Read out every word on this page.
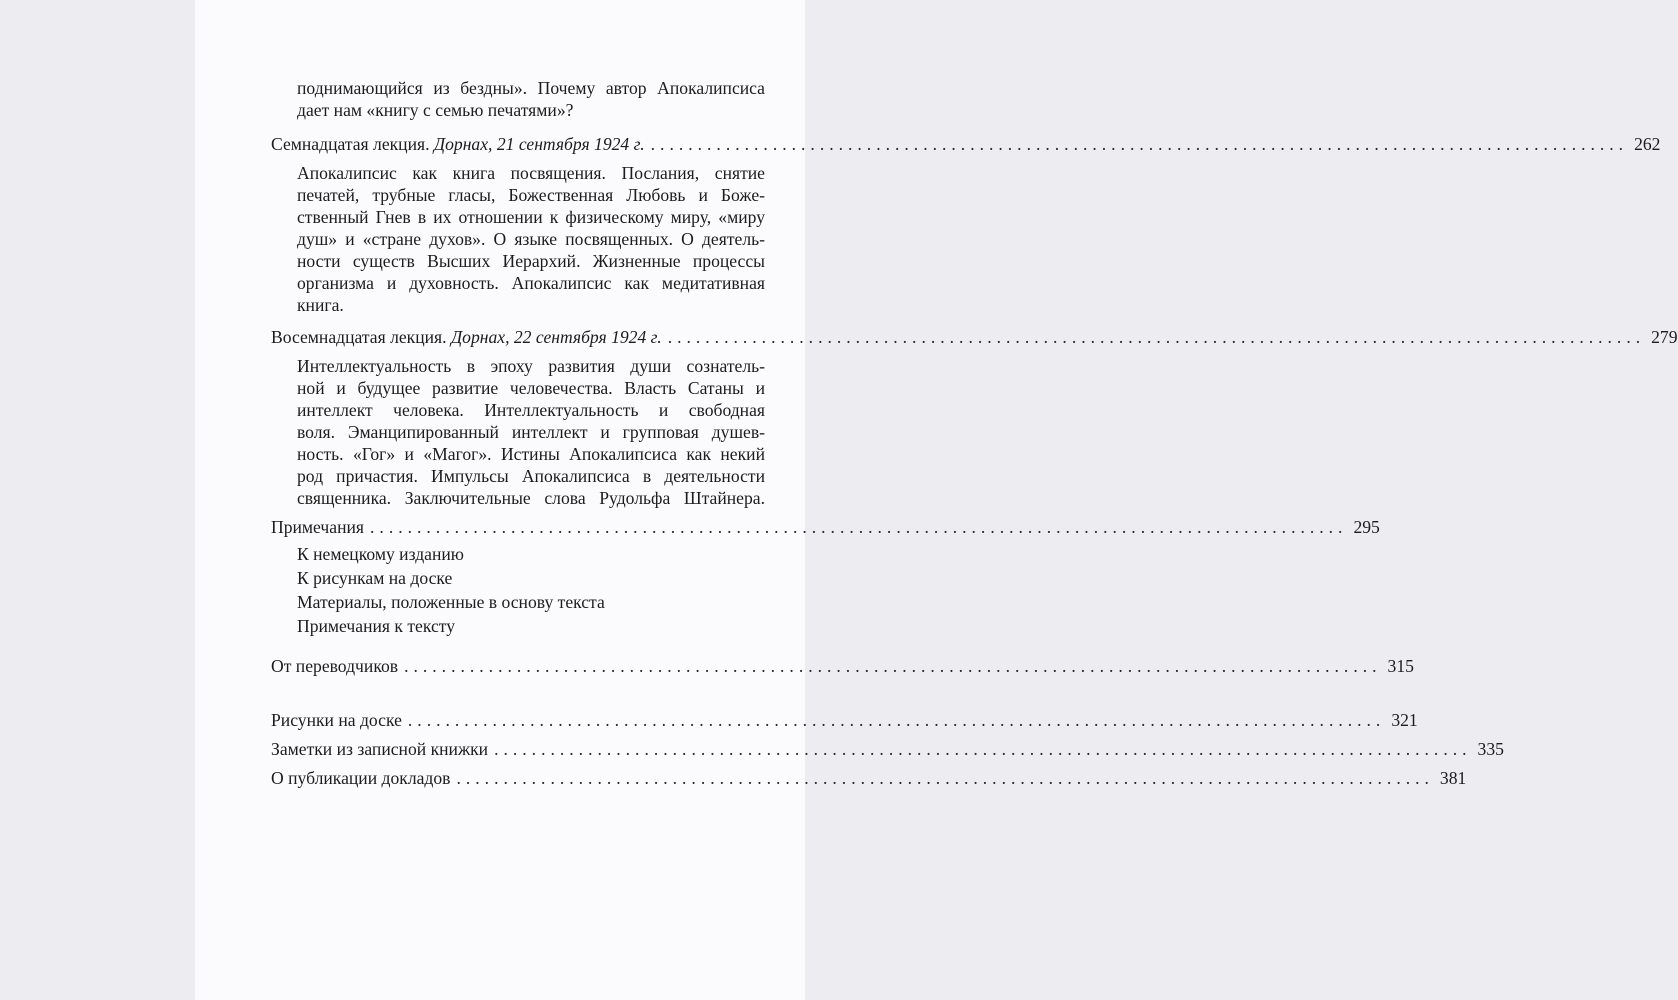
поднимающийся из бездны». Почему автор Апокалипсиса
дает нам «книгу с семью печатями»?
Семнадцатая лекция. Дорнах, 21 сентября 1924 г. ........................................................................................................ 262
Апокалипсис как книга посвящения. Послания, снятие
печатей, трубные гласы, Божественная Любовь и Боже-
ственный Гнев в их отношении к физическому миру, «миру
душ» и «стране духов». О языке посвященных. О деятель-
ности существ Высших Иерархий. Жизненные процессы
организма и духовность. Апокалипсис как медитативная
книга.
Восемнадцатая лекция. Дорнах, 22 сентября 1924 г. ........................................................................................................ 279
Интеллектуальность в эпоху развития души сознатель-
ной и будущее развитие человечества. Власть Сатаны и
интеллект человека. Интеллектуальность и свободная
воля. Эманципированный интеллект и групповая душев-
ность. «Гог» и «Магог». Истины Апокалипсиса как некий
род причастия. Импульсы Апокалипсиса в деятельности
священника. Заключительные слова Рудольфа Штайнера.
Примечания ........................................................................................................ 295
К немецкому изданию
К рисункам на доске
Материалы, положенные в основу текста
Примечания к тексту
От переводчиков ........................................................................................................ 315
Рисунки на доске ........................................................................................................ 321
Заметки из записной книжки ........................................................................................................ 335
О публикации докладов ........................................................................................................ 381
